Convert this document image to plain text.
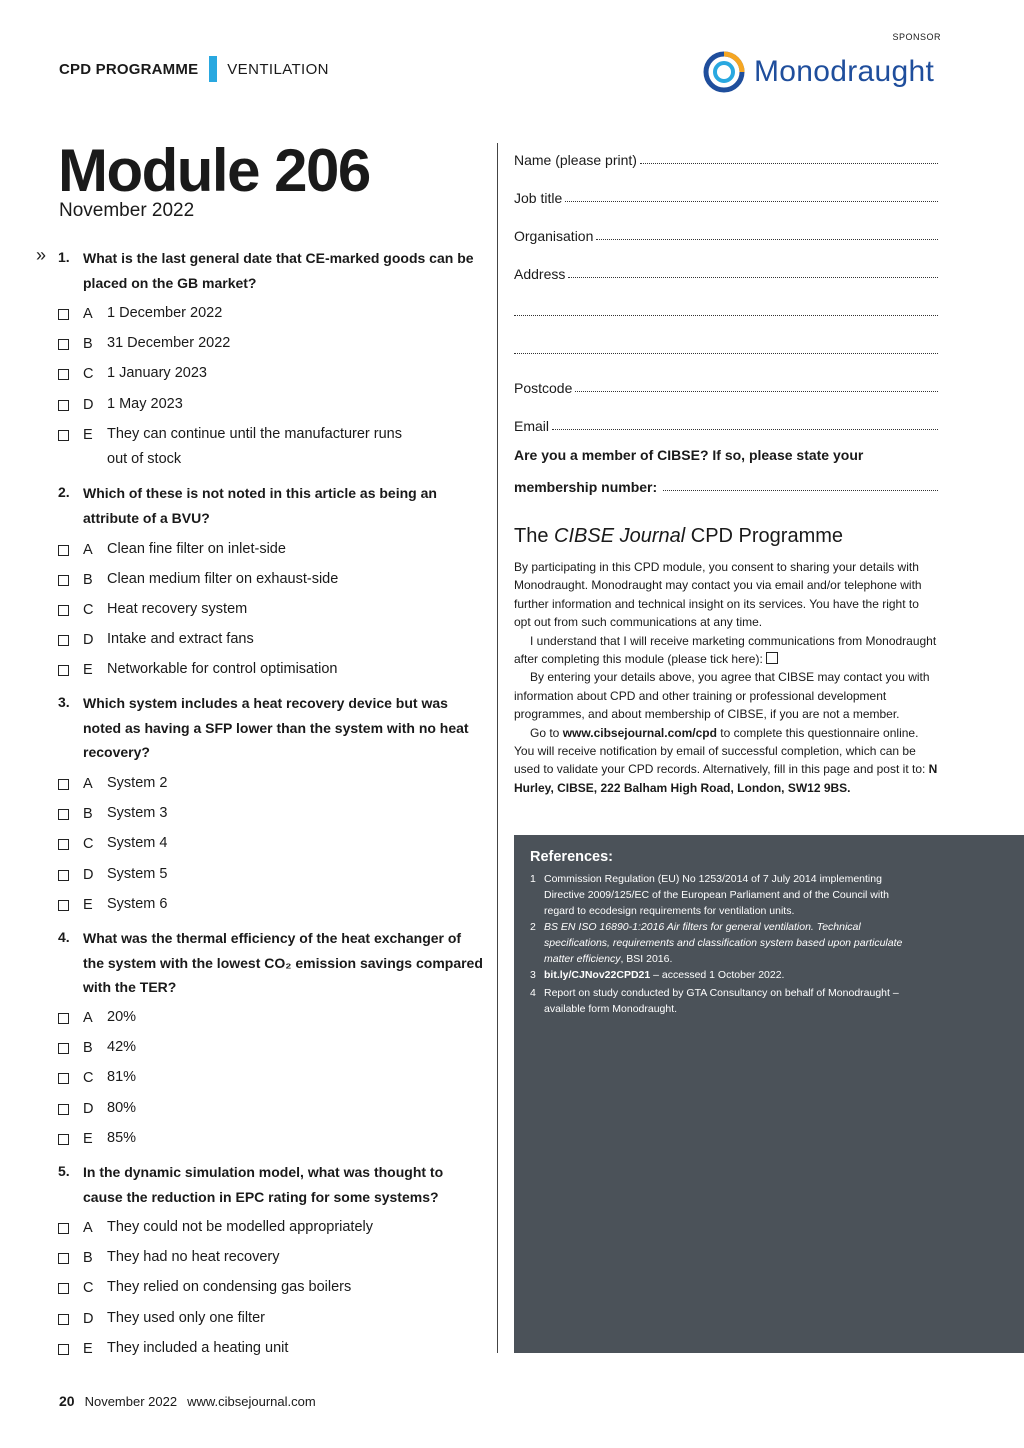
CPD PROGRAMME VENTILATION
SPONSOR
Monodraught
Module 206
November 2022
» 1. What is the last general date that CE-marked goods can be placed on the GB market?
A 1 December 2022
B 31 December 2022
C 1 January 2023
D 1 May 2023
E They can continue until the manufacturer runs out of stock
2. Which of these is not noted in this article as being an attribute of a BVU?
A Clean fine filter on inlet-side
B Clean medium filter on exhaust-side
C Heat recovery system
D Intake and extract fans
E Networkable for control optimisation
3. Which system includes a heat recovery device but was noted as having a SFP lower than the system with no heat recovery?
A System 2
B System 3
C System 4
D System 5
E System 6
4. What was the thermal efficiency of the heat exchanger of the system with the lowest CO₂ emission savings compared with the TER?
A 20%
B 42%
C 81%
D 80%
E 85%
5. In the dynamic simulation model, what was thought to cause the reduction in EPC rating for some systems?
A They could not be modelled appropriately
B They had no heat recovery
C They relied on condensing gas boilers
D They used only one filter
E They included a heating unit
Name (please print)
Job title
Organisation
Address
Postcode
Email
Are you a member of CIBSE? If so, please state your
membership number:
The CIBSE Journal CPD Programme

By participating in this CPD module, you consent to sharing your details with Monodraught. Monodraught may contact you via email and/or telephone with further information and technical insight on its services. You have the right to opt out from such communications at any time.

I understand that I will receive marketing communications from Monodraught after completing this module (please tick here):

By entering your details above, you agree that CIBSE may contact you with information about CPD and other training or professional development programmes, and about membership of CIBSE, if you are not a member.

Go to www.cibsejournal.com/cpd to complete this questionnaire online. You will receive notification by email of successful completion, which can be used to validate your CPD records. Alternatively, fill in this page and post it to: N Hurley, CIBSE, 222 Balham High Road, London, SW12 9BS.

References:
1 Commission Regulation (EU) No 1253/2014 of 7 July 2014 implementing Directive 2009/125/EC of the European Parliament and of the Council with regard to ecodesign requirements for ventilation units.
2 BS EN ISO 16890-1:2016 Air filters for general ventilation. Technical specifications, requirements and classification system based upon particulate matter efficiency, BSI 2016.
3 bit.ly/CJNov22CPD21 – accessed 1 October 2022.
4 Report on study conducted by GTA Consultancy on behalf of Monodraught – available form Monodraught.
20 November 2022 www.cibsejournal.com
